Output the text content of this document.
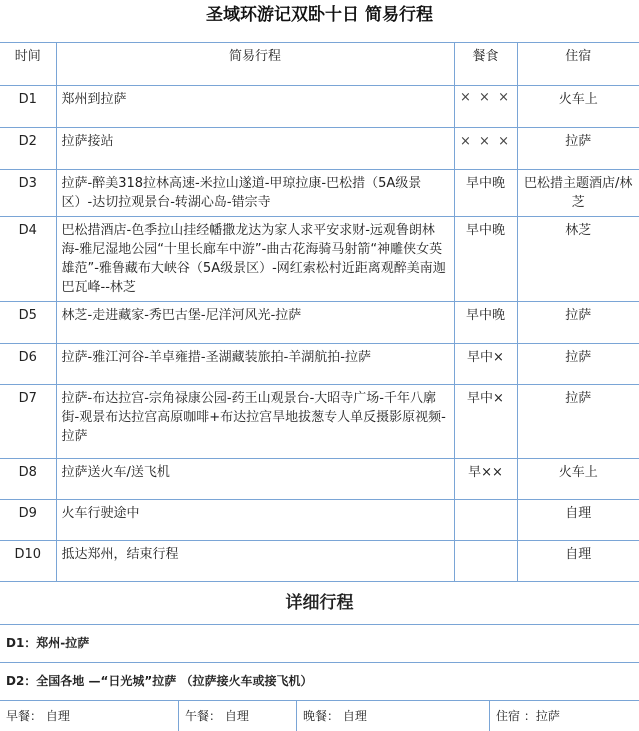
圣域环游记双卧十日 简易行程
时间	简易行程	餐食	住宿
D1	郑州到拉萨	× × ×	火车上
D2	拉萨接站	× × ×	拉萨
D3	拉萨-醉美318拉林高速-米拉山遂道-甲琼拉康-巴松措（5A级景区）-达切拉观景台-转湖心岛-错宗寺	早中晚	巴松措主题酒店/林芝
D4	巴松措酒店-色季拉山挂经幡撒龙达为家人求平安求财-远观鲁朗林海-雅尼湿地公园“十里长廊车中游”-曲古花海骑马射箭“神雕侠女英雄范”-雅鲁藏布大峡谷（5A级景区）-网红索松村近距离观醉美南迦巴瓦峰--林芝	早中晚	林芝
D5	林芝-走进藏家-秀巴古堡-尼洋河风光-拉萨	早中晚	拉萨
D6	拉萨-雅江河谷-羊卓雍措-圣湖藏装旅拍-羊湖航拍-拉萨	早中×	拉萨
D7	拉萨-布达拉宫-宗角禄康公园-药王山观景台-大昭寺广场-千年八廓街-观景布达拉宫高原咖啡+布达拉宫旱地拔葱专人单反摄影原视频-拉萨	早中×	拉萨
D8	拉萨送火车/送飞机	早××	火车上
D9	火车行驶途中		自理
D10	抵达郑州，结束行程		自理
详细行程
D1：郑州-拉萨
D2：全国各地 —“日光城”拉萨 （拉萨接火车或接飞机）
早餐： 自理	午餐： 自理	晚餐： 自理	住宿 ：拉萨
